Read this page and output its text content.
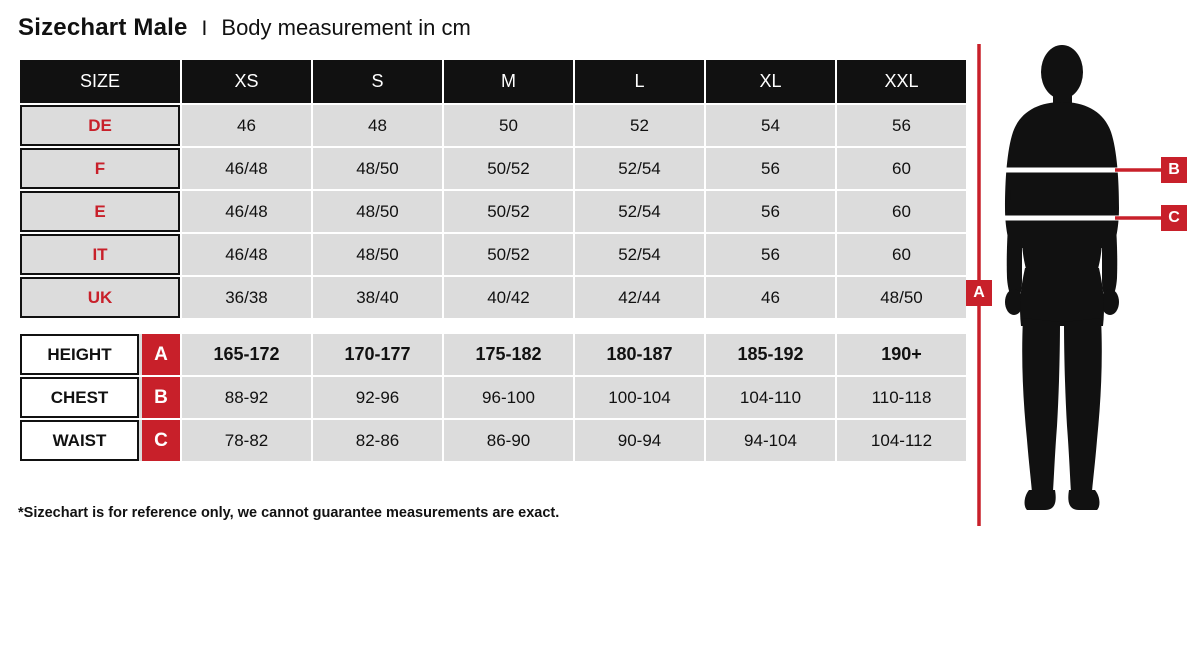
Sizechart Male I Body measurement in cm
SIZE	XS	S	M	L	XL	XXL
DE	46	48	50	52	54	56
F	46/48	48/50	50/52	52/54	56	60
E	46/48	48/50	50/52	52/54	56	60
IT	46/48	48/50	50/52	52/54	56	60
UK	36/38	38/40	40/42	42/44	46	48/50

HEIGHT A	165-172	170-177	175-182	180-187	185-192	190+

CHEST B	88-92	92-96	96-100	100-104	104-110	110-118

WAIST C	78-82	82-86	86-90	90-94	94-104	104-112
*Sizechart is for reference only, we cannot guarantee measurements are exact.
A
B
C
